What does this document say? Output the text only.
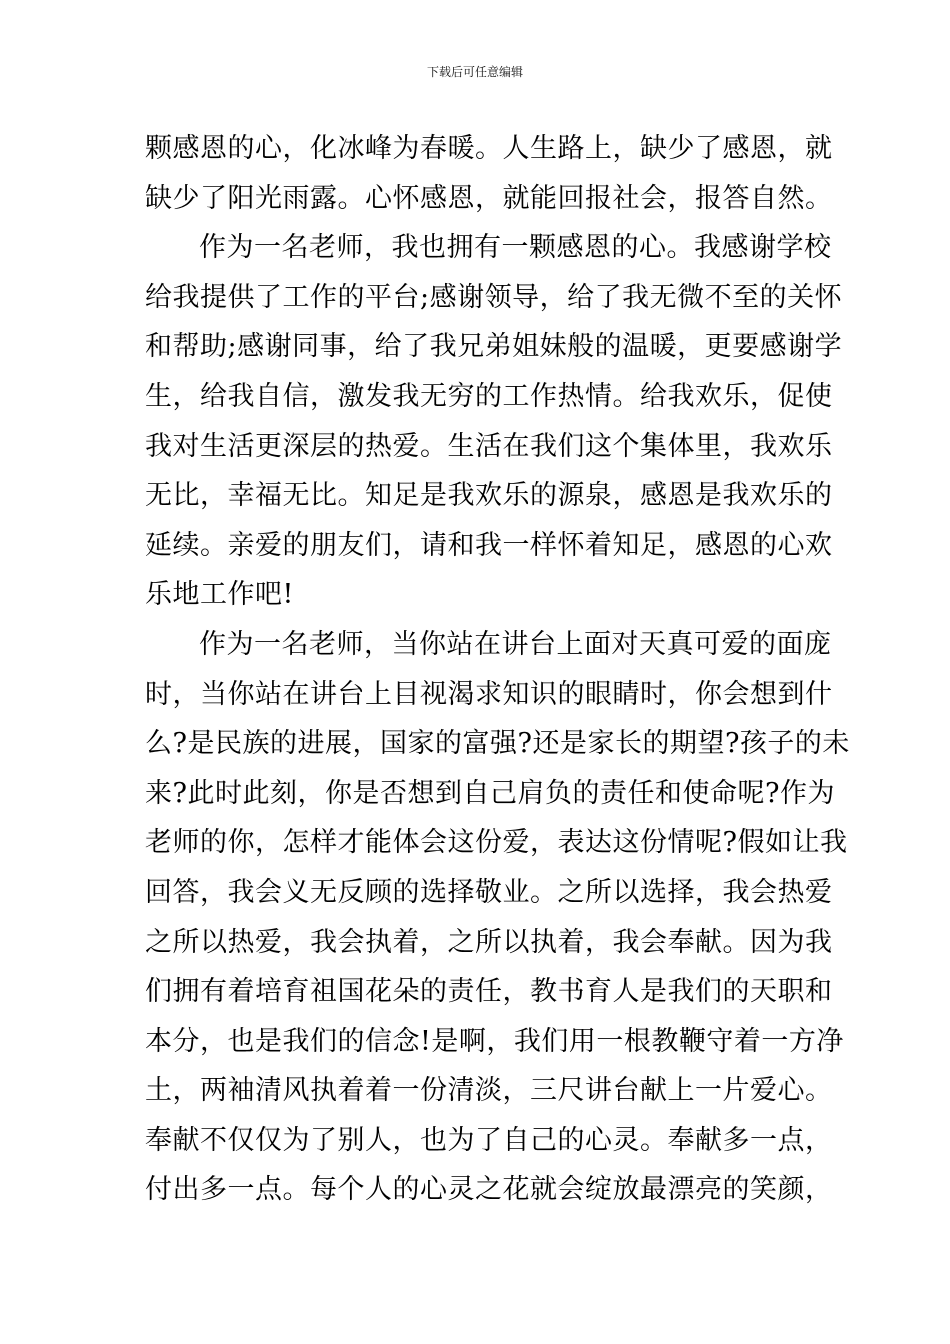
下载后可任意编辑
颗感恩的心，化冰峰为春暖。人生路上，缺少了感恩，就
缺少了阳光雨露。心怀感恩，就能回报社会，报答自然。
作为一名老师，我也拥有一颗感恩的心。我感谢学校
给我提供了工作的平台;感谢领导，给了我无微不至的关怀
和帮助;感谢同事，给了我兄弟姐妹般的温暖，更要感谢学
生，给我自信，激发我无穷的工作热情。给我欢乐，促使
我对生活更深层的热爱。生活在我们这个集体里，我欢乐
无比，幸福无比。知足是我欢乐的源泉，感恩是我欢乐的
延续。亲爱的朋友们，请和我一样怀着知足，感恩的心欢
乐地工作吧!
作为一名老师，当你站在讲台上面对天真可爱的面庞
时，当你站在讲台上目视渴求知识的眼睛时，你会想到什
么?是民族的进展，国家的富强?还是家长的期望?孩子的未
来?此时此刻，你是否想到自己肩负的责任和使命呢?作为
老师的你，怎样才能体会这份爱，表达这份情呢?假如让我
回答，我会义无反顾的选择敬业。之所以选择，我会热爱
之所以热爱，我会执着，之所以执着，我会奉献。因为我
们拥有着培育祖国花朵的责任，教书育人是我们的天职和
本分，也是我们的信念!是啊，我们用一根教鞭守着一方净
土，两袖清风执着着一份清淡，三尺讲台献上一片爱心。
奉献不仅仅为了别人，也为了自己的心灵。奉献多一点，
付出多一点。每个人的心灵之花就会绽放最漂亮的笑颜，
